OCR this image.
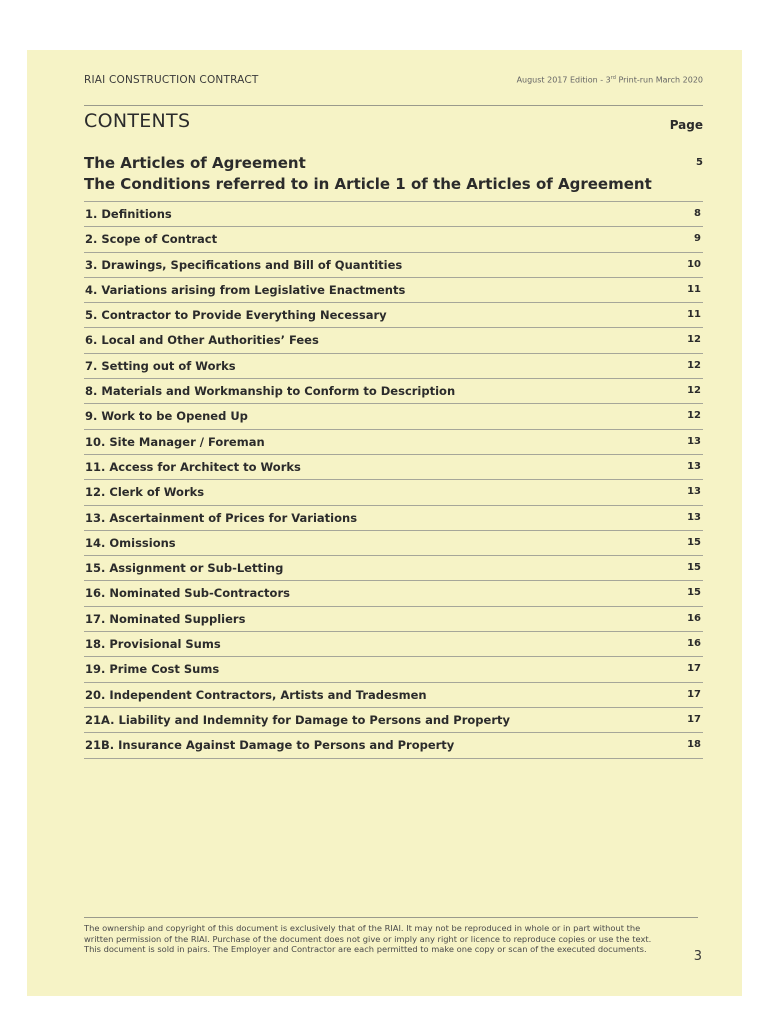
RIAI CONSTRUCTION CONTRACT	August 2017 Edition - 3rd Print-run March 2020
CONTENTS	Page
The Articles of Agreement	5
The Conditions referred to in Article 1 of the Articles of Agreement
1. Definitions	8
2. Scope of Contract	9
3. Drawings, Specifications and Bill of Quantities	10
4. Variations arising from Legislative Enactments	11
5. Contractor to Provide Everything Necessary	11
6. Local and Other Authorities’ Fees	12
7. Setting out of Works	12
8. Materials and Workmanship to Conform to Description	12
9. Work to be Opened Up	12
10. Site Manager / Foreman	13
11. Access for Architect to Works	13
12. Clerk of Works	13
13. Ascertainment of Prices for Variations	13
14. Omissions	15
15. Assignment or Sub-Letting	15
16. Nominated Sub-Contractors	15
17. Nominated Suppliers	16
18. Provisional Sums	16
19. Prime Cost Sums	17
20. Independent Contractors, Artists and Tradesmen	17
21A. Liability and Indemnity for Damage to Persons and Property	17
21B. Insurance Against Damage to Persons and Property	18
The ownership and copyright of this document is exclusively that of the RIAI. It may not be reproduced in whole or in part without the written permission of the RIAI. Purchase of the document does not give or imply any right or licence to reproduce copies or use the text. This document is sold in pairs. The Employer and Contractor are each permitted to make one copy or scan of the executed documents.	3
